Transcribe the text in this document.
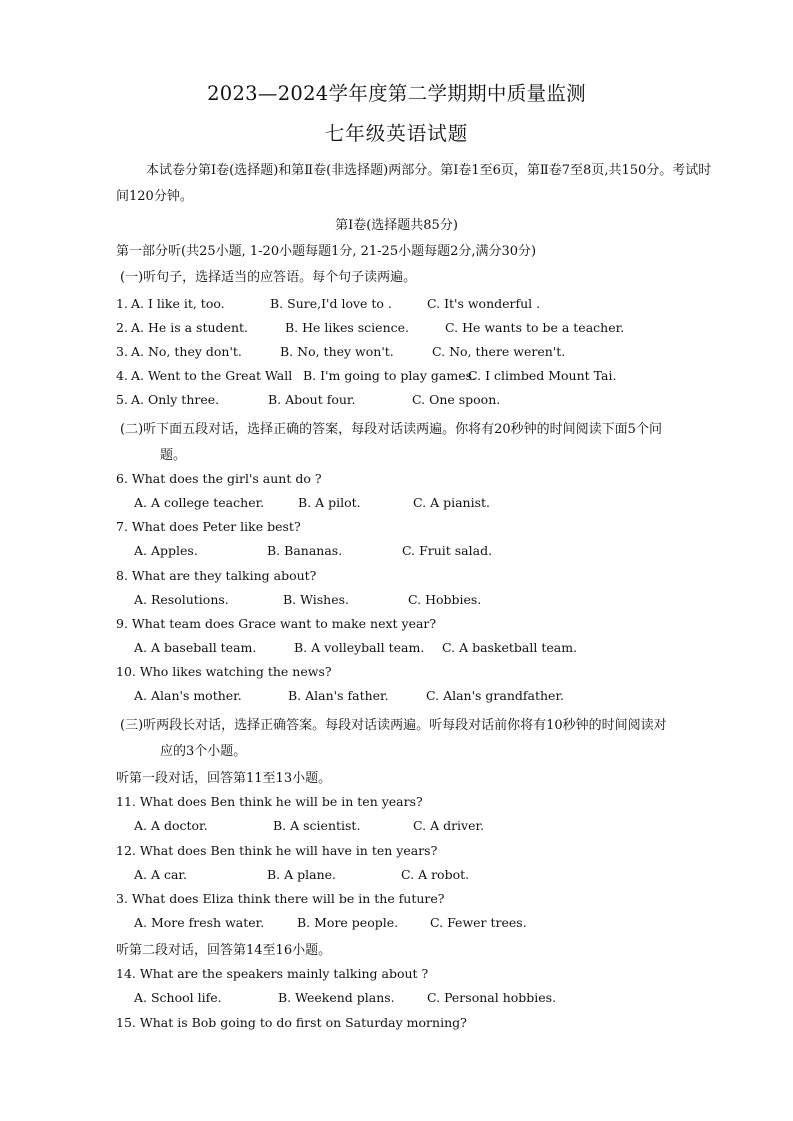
2023—2024学年度第二学期期中质量监测
七年级英语试题
本试卷分第Ⅰ卷(选择题)和第Ⅱ卷(非选择题)两部分。第Ⅰ卷1至6页，第Ⅱ卷7至8页,共150分。考试时间120分钟。
第Ⅰ卷(选择题共85分)
第一部分听(共25小题, 1-20小题每题1分, 21-25小题每题2分,满分30分)
(一)听句子，选择适当的应答语。每个句子读两遍。
1. A. I like it, too.	B. Sure,I'd love to .	C. It's wonderful .
2. A. He is a student.	B. He likes science.	C. He wants to be a teacher.
3. A. No, they don't.	B. No, they won't.	C. No, there weren't.
4. A. Went to the Great Wall B. I'm going to play games.
C. I climbed Mount Tai.
5. A. Only three.	B. About four.	C. One spoon.
(二)听下面五段对话，选择正确的答案，每段对话读两遍。你将有20秒钟的时间阅读下面5个问
题。
6. What does the girl's aunt do ?
A. A college teacher.	B. A pilot.	C. A pianist.
7. What does Peter like best?
A. Apples.	B. Bananas.	C. Fruit salad.
8. What are they talking about?
A. Resolutions.	B. Wishes.	C. Hobbies.
9. What team does Grace want to make next year?
A. A baseball team.	B. A volleyball team. C. A basketball team.
10. Who likes watching the news?
A. Alan's mother.	B. Alan's father.	C. Alan's grandfather.
(三)听两段长对话，选择正确答案。每段对话读两遍。听每段对话前你将有10秒钟的时间阅读对
应的3个小题。
听第一段对话，回答第11至13小题。
11. What does Ben think he will be in ten years?
A. A doctor.	B. A scientist.	C. A driver.
12. What does Ben think he will have in ten years?
A. A car.	B. A plane.	C. A robot.
3. What does Eliza think there will be in the future?
A. More fresh water.	B. More people.	C. Fewer trees.
听第二段对话，回答第14至16小题。
14. What are the speakers mainly talking about ?
A. School life.	B. Weekend plans.	C. Personal hobbies.
15. What is Bob going to do first on Saturday morning?
